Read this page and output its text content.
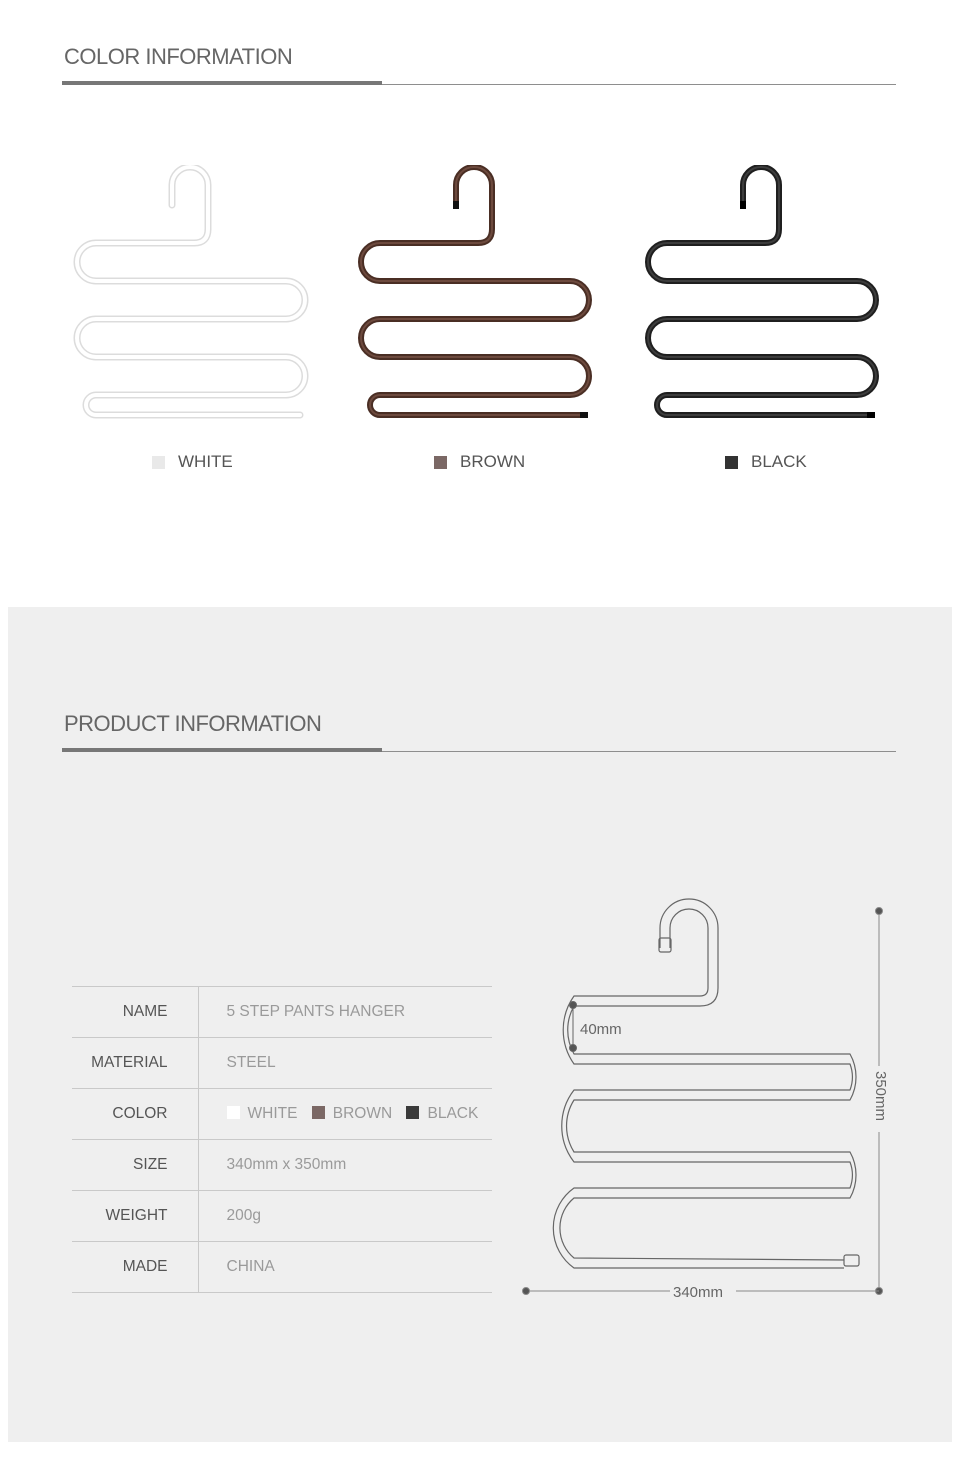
COLOR INFORMATION
WHITE	BROWN	BLACK
PRODUCT INFORMATION
NAME	5 STEP PANTS HANGER
MATERIAL	STEEL
COLOR	WHITE BROWN BLACK
SIZE	340mm x 350mm
WEIGHT	200g
MADE	CHINA
40mm
350mm
340mm
